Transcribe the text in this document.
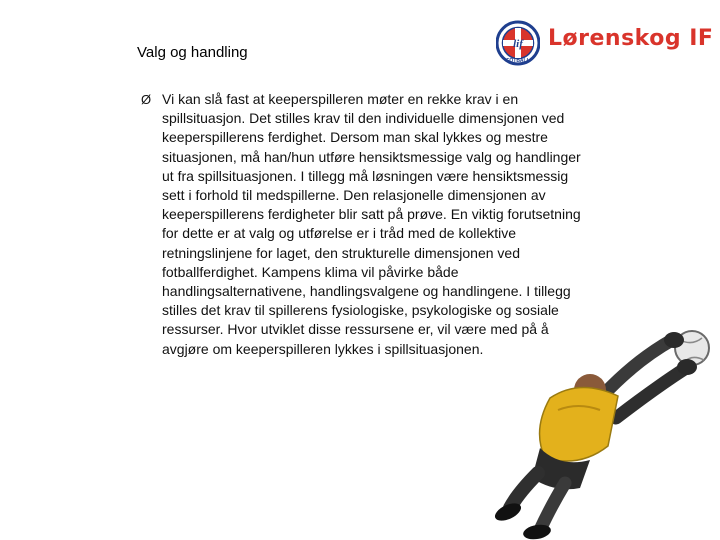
Valg og handling	lif
FOTBALL
Lørenskog IF
Ø Vi kan slå fast at keeperspilleren møter en rekke krav i en spillsituasjon. Det stilles krav til den individuelle dimensjonen ved keeperspillerens ferdighet. Dersom man skal lykkes og mestre situasjonen, må han/hun utføre hensiktsmessige valg og handlinger ut fra spillsituasjonen. I tillegg må løsningen være hensiktsmessig sett i forhold til medspillerne. Den relasjonelle dimensjonen av keeperspillerens ferdigheter blir satt på prøve. En viktig forutsetning for dette er at valg og utførelse er i tråd med de kollektive retningslinjene for laget, den strukturelle dimensjonen ved fotballferdighet. Kampens klima vil påvirke både handlingsalternativene, handlingsvalgene og handlingene. I tillegg stilles det krav til spillerens fysiologiske, psykologiske og sosiale ressurser. Hvor utviklet disse ressursene er, vil være med på å avgjøre om keeperspilleren lykkes i spillsituasjonen.
